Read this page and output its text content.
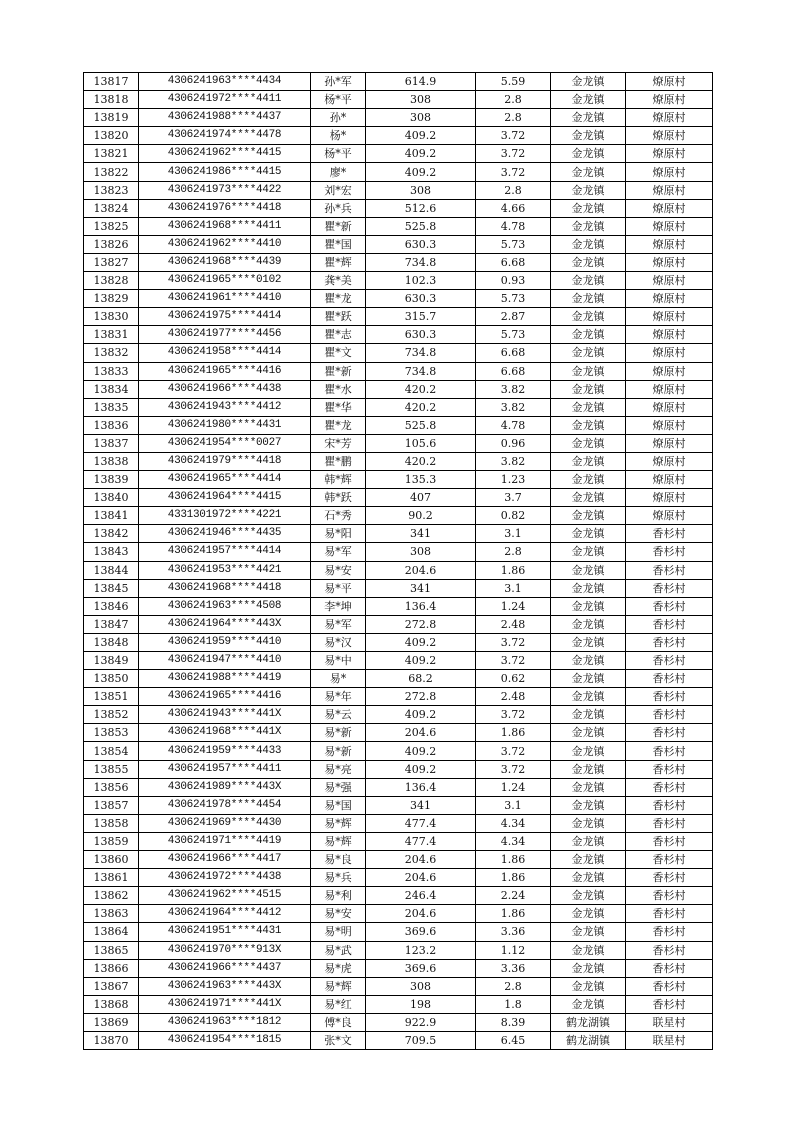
13817	4306241963****4434	孙*军	614.9	5.59	金龙镇	燎原村
13818	4306241972****4411	杨*平	308	2.8	金龙镇	燎原村
13819	4306241988****4437	孙*	308	2.8	金龙镇	燎原村
13820	4306241974****4478	杨*	409.2	3.72	金龙镇	燎原村
13821	4306241962****4415	杨*平	409.2	3.72	金龙镇	燎原村
13822	4306241986****4415	廖*	409.2	3.72	金龙镇	燎原村
13823	4306241973****4422	刘*宏	308	2.8	金龙镇	燎原村
13824	4306241976****4418	孙*兵	512.6	4.66	金龙镇	燎原村
13825	4306241968****4411	瞿*新	525.8	4.78	金龙镇	燎原村
13826	4306241962****4410	瞿*国	630.3	5.73	金龙镇	燎原村
13827	4306241968****4439	瞿*辉	734.8	6.68	金龙镇	燎原村
13828	4306241965****0102	龚*美	102.3	0.93	金龙镇	燎原村
13829	4306241961****4410	瞿*龙	630.3	5.73	金龙镇	燎原村
13830	4306241975****4414	瞿*跃	315.7	2.87	金龙镇	燎原村
13831	4306241977****4456	瞿*志	630.3	5.73	金龙镇	燎原村
13832	4306241958****4414	瞿*文	734.8	6.68	金龙镇	燎原村
13833	4306241965****4416	瞿*新	734.8	6.68	金龙镇	燎原村
13834	4306241966****4438	瞿*水	420.2	3.82	金龙镇	燎原村
13835	4306241943****4412	瞿*华	420.2	3.82	金龙镇	燎原村
13836	4306241980****4431	瞿*龙	525.8	4.78	金龙镇	燎原村
13837	4306241954****0027	宋*芳	105.6	0.96	金龙镇	燎原村
13838	4306241979****4418	瞿*鹏	420.2	3.82	金龙镇	燎原村
13839	4306241965****4414	韩*辉	135.3	1.23	金龙镇	燎原村
13840	4306241964****4415	韩*跃	407	3.7	金龙镇	燎原村
13841	4331301972****4221	石*秀	90.2	0.82	金龙镇	燎原村
13842	4306241946****4435	易*阳	341	3.1	金龙镇	香杉村
13843	4306241957****4414	易*军	308	2.8	金龙镇	香杉村
13844	4306241953****4421	易*安	204.6	1.86	金龙镇	香杉村
13845	4306241968****4418	易*平	341	3.1	金龙镇	香杉村
13846	4306241963****4508	李*坤	136.4	1.24	金龙镇	香杉村
13847	4306241964****443X	易*军	272.8	2.48	金龙镇	香杉村
13848	4306241959****4410	易*汉	409.2	3.72	金龙镇	香杉村
13849	4306241947****4410	易*中	409.2	3.72	金龙镇	香杉村
13850	4306241988****4419	易*	68.2	0.62	金龙镇	香杉村
13851	4306241965****4416	易*年	272.8	2.48	金龙镇	香杉村
13852	4306241943****441X	易*云	409.2	3.72	金龙镇	香杉村
13853	4306241968****441X	易*新	204.6	1.86	金龙镇	香杉村
13854	4306241959****4433	易*新	409.2	3.72	金龙镇	香杉村
13855	4306241957****4411	易*亮	409.2	3.72	金龙镇	香杉村
13856	4306241989****443X	易*强	136.4	1.24	金龙镇	香杉村
13857	4306241978****4454	易*国	341	3.1	金龙镇	香杉村
13858	4306241969****4430	易*辉	477.4	4.34	金龙镇	香杉村
13859	4306241971****4419	易*辉	477.4	4.34	金龙镇	香杉村
13860	4306241966****4417	易*良	204.6	1.86	金龙镇	香杉村
13861	4306241972****4438	易*兵	204.6	1.86	金龙镇	香杉村
13862	4306241962****4515	易*利	246.4	2.24	金龙镇	香杉村
13863	4306241964****4412	易*安	204.6	1.86	金龙镇	香杉村
13864	4306241951****4431	易*明	369.6	3.36	金龙镇	香杉村
13865	4306241970****913X	易*武	123.2	1.12	金龙镇	香杉村
13866	4306241966****4437	易*虎	369.6	3.36	金龙镇	香杉村
13867	4306241963****443X	易*辉	308	2.8	金龙镇	香杉村
13868	4306241971****441X	易*红	198	1.8	金龙镇	香杉村
13869	4306241963****1812	傅*良	922.9	8.39	鹤龙湖镇	联星村
13870	4306241954****1815	张*文	709.5	6.45	鹤龙湖镇	联星村
